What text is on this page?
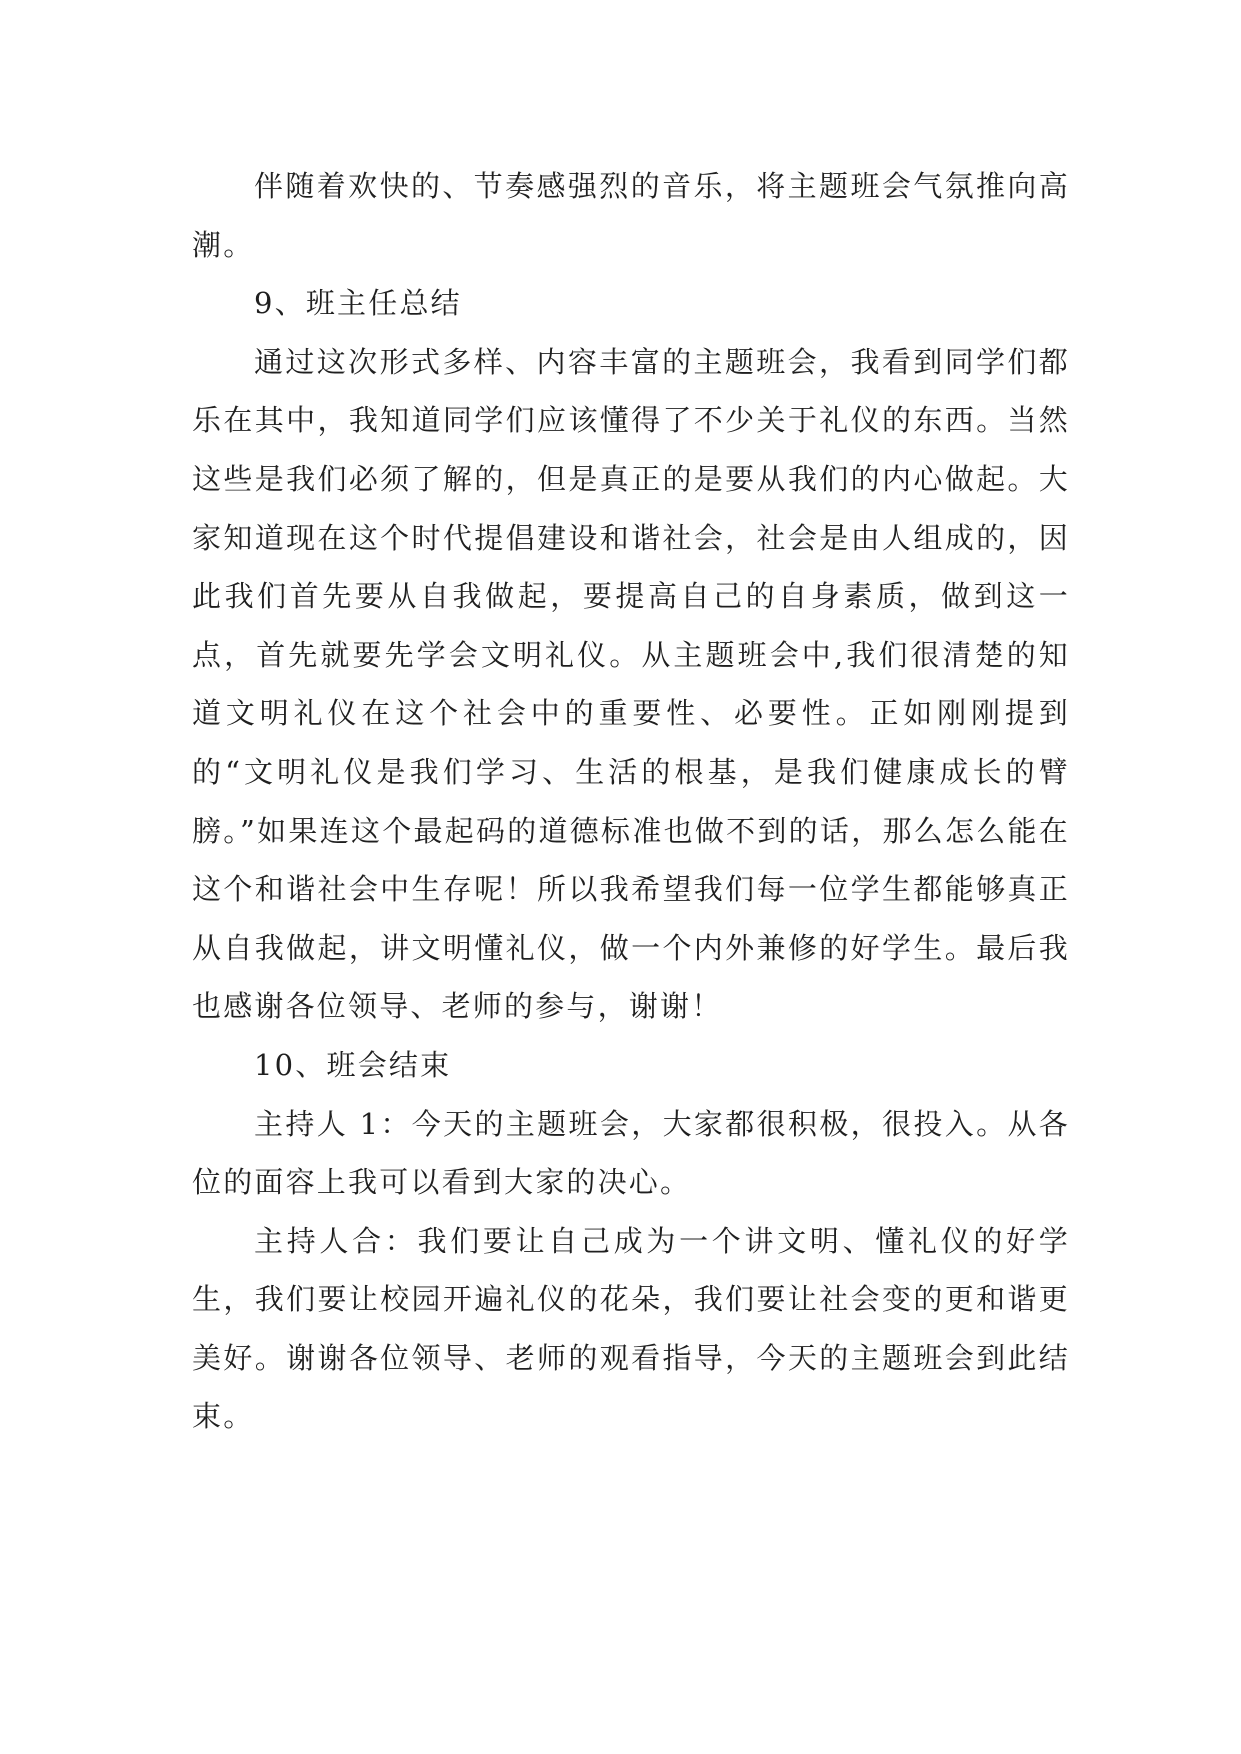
伴随着欢快的、节奏感强烈的音乐，将主题班会气氛推向高潮。

9、班主任总结

通过这次形式多样、内容丰富的主题班会，我看到同学们都乐在其中，我知道同学们应该懂得了不少关于礼仪的东西。当然这些是我们必须了解的，但是真正的是要从我们的内心做起。大家知道现在这个时代提倡建设和谐社会，社会是由人组成的，因此我们首先要从自我做起，要提高自己的自身素质，做到这一点，首先就要先学会文明礼仪。从主题班会中,我们很清楚的知道文明礼仪在这个社会中的重要性、必要性。正如刚刚提到的“文明礼仪是我们学习、生活的根基，是我们健康成长的臂膀。”如果连这个最起码的道德标准也做不到的话，那么怎么能在这个和谐社会中生存呢！所以我希望我们每一位学生都能够真正从自我做起，讲文明懂礼仪，做一个内外兼修的好学生。最后我也感谢各位领导、老师的参与，谢谢！

10、班会结束

主持人 1：今天的主题班会，大家都很积极，很投入。从各位的面容上我可以看到大家的决心。

主持人合：我们要让自己成为一个讲文明、懂礼仪的好学生，我们要让校园开遍礼仪的花朵，我们要让社会变的更和谐更美好。谢谢各位领导、老师的观看指导，今天的主题班会到此结束。
